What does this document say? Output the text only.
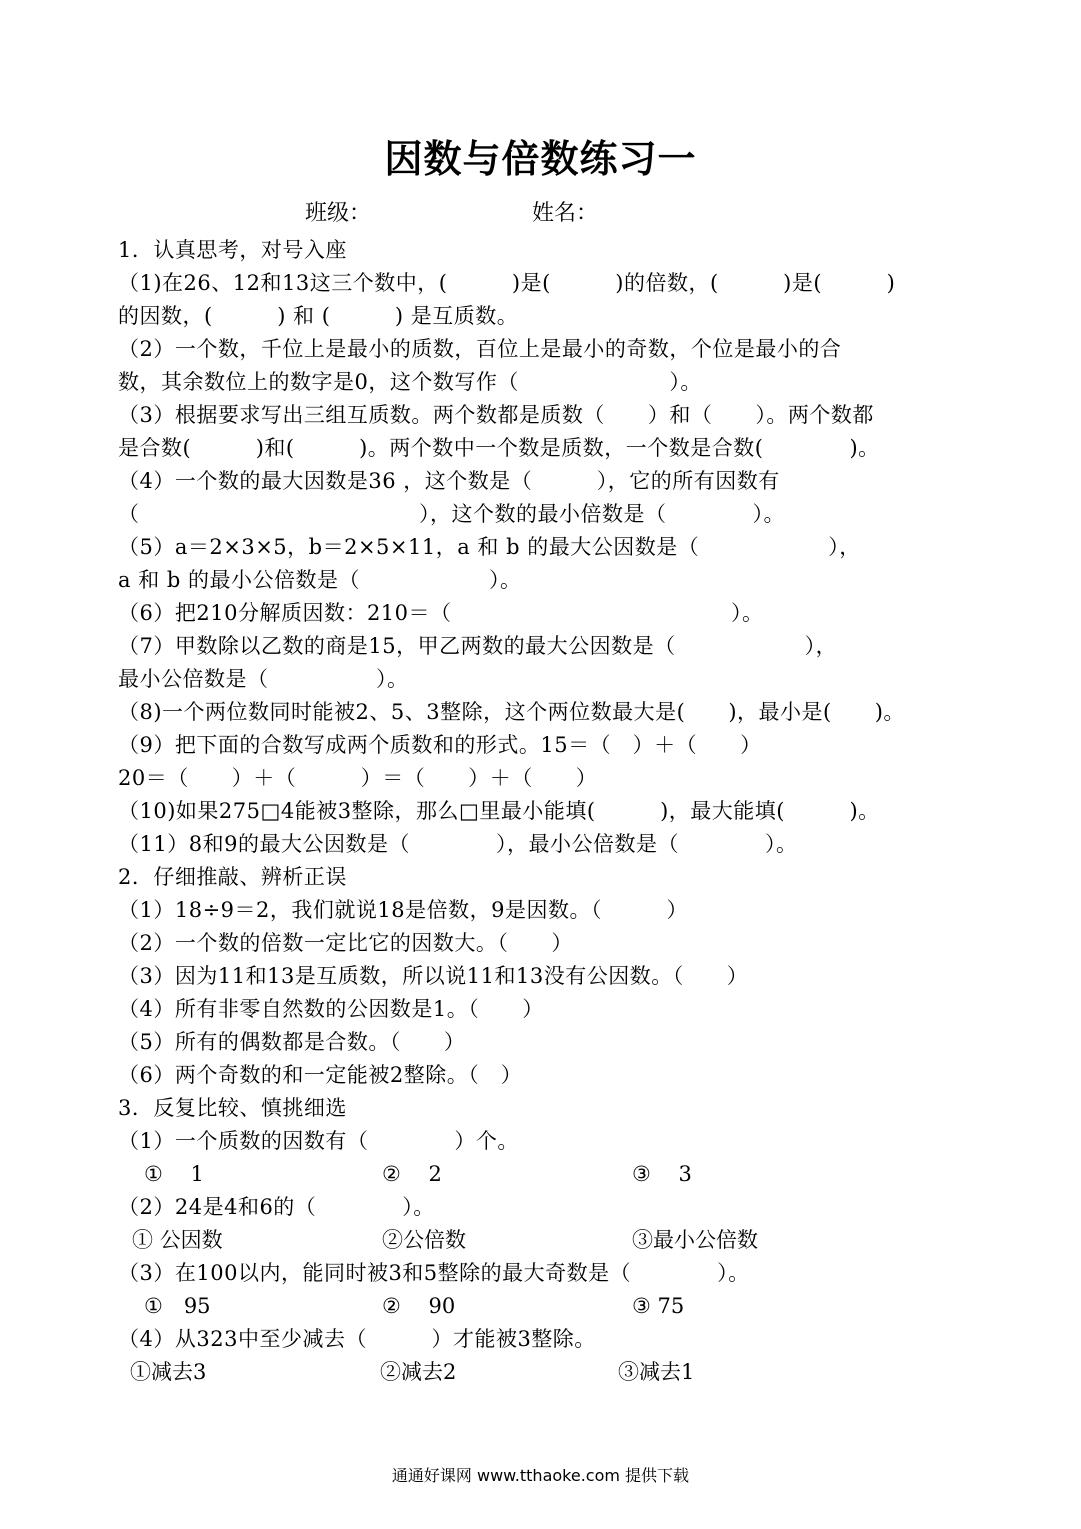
因数与倍数练习一
班级：	姓名：
1．认真思考，对号入座
（1)在26、12和13这三个数中，(　　　)是(　　　)的倍数，(　　　)是(　　　)
的因数，(　　　) 和 (　　　) 是互质数。
（2）一个数，千位上是最小的质数，百位上是最小的奇数，个位是最小的合
数，其余数位上的数字是0，这个数写作（　　　　　　　）。
（3）根据要求写出三组互质数。两个数都是质数（　　）和（　　）。两个数都
是合数(　　　)和(　　　)。两个数中一个数是质数，一个数是合数(　　　　)。
（4）一个数的最大因数是36 ，这个数是（　　　），它的所有因数有
（　　　　　　　　　　　　　），这个数的最小倍数是（　　　　）。
（5）a＝2×3×5，b＝2×5×11，a 和 b 的最大公因数是（　　　　　　），
a 和 b 的最小公倍数是（　　　　　　）。
（6）把210分解质因数：210＝（　　　　　　　　　　　　　）。
（7）甲数除以乙数的商是15，甲乙两数的最大公因数是（　　　　　　），
最小公倍数是（　　　　　）。
（8)一个两位数同时能被2、5、3整除，这个两位数最大是(　　)，最小是(　　)。
（9）把下面的合数写成两个质数和的形式。15＝（　）＋（　　）
20＝（　　）＋（　　　）＝（　　）＋（　　）
（10)如果275□4能被3整除，那么□里最小能填(　　　)，最大能填(　　　)。
（11）8和9的最大公因数是（　　　　），最小公倍数是（　　　　）。
2．仔细推敲、辨析正误
（1）18÷9＝2，我们就说18是倍数，9是因数。（　　　）
（2）一个数的倍数一定比它的因数大。（　　）
（3）因为11和13是互质数，所以说11和13没有公因数。（　　）
（4）所有非零自然数的公因数是1。（　　）
（5）所有的偶数都是合数。（　　）
（6）两个奇数的和一定能被2整除。（　）
3．反复比较、慎挑细选
（1）一个质数的因数有（　　　　）个。
①　 1	②　 2	③　 3
（2）24是4和6的（　　　　）。
① 公因数	②公倍数	③最小公倍数
（3）在100以内，能同时被3和5整除的最大奇数是（　　　　）。
①　95	②　 90	③ 75
（4）从323中至少减去（　　　）才能被3整除。
①减去3	②减去2	③减去1
通通好课网 www.tthaoke.com 提供下载
